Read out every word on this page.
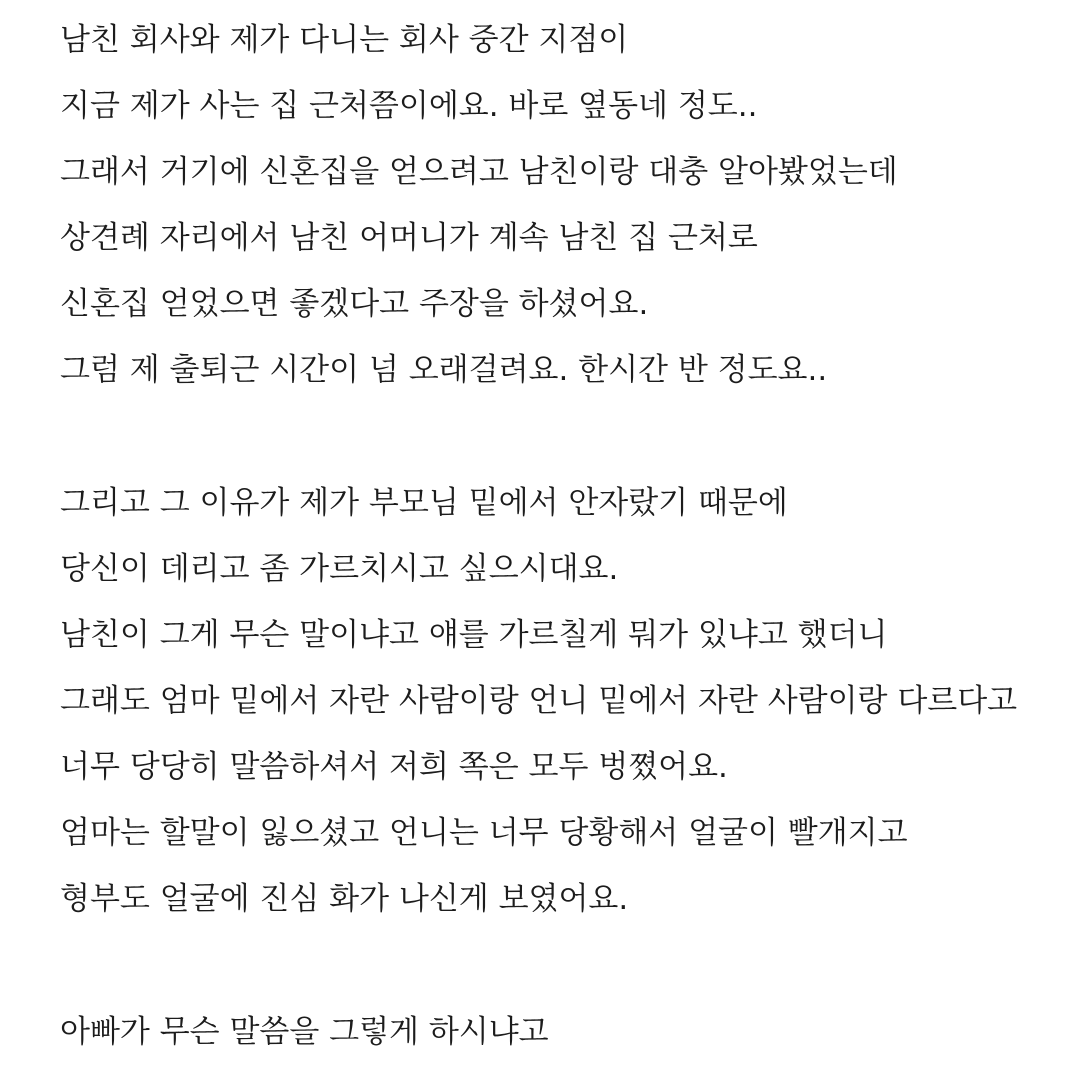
남친 회사와 제가 다니는 회사 중간 지점이
지금 제가 사는 집 근처쯤이에요. 바로 옆동네 정도..
그래서 거기에 신혼집을 얻으려고 남친이랑 대충 알아봤었는데
상견례 자리에서 남친 어머니가 계속 남친 집 근처로
신혼집 얻었으면 좋겠다고 주장을 하셨어요.
그럼 제 출퇴근 시간이 넘 오래걸려요. 한시간 반 정도요..
그리고 그 이유가 제가 부모님 밑에서 안자랐기 때문에
당신이 데리고 좀 가르치시고 싶으시대요.
남친이 그게 무슨 말이냐고 얘를 가르칠게 뭐가 있냐고 했더니
그래도 엄마 밑에서 자란 사람이랑 언니 밑에서 자란 사람이랑 다르다고
너무 당당히 말씀하셔서 저희 쪽은 모두 벙쪘어요.
엄마는 할말이 잃으셨고 언니는 너무 당황해서 얼굴이 빨개지고
형부도 얼굴에 진심 화가 나신게 보였어요.
아빠가 무슨 말씀을 그렇게 하시냐고
